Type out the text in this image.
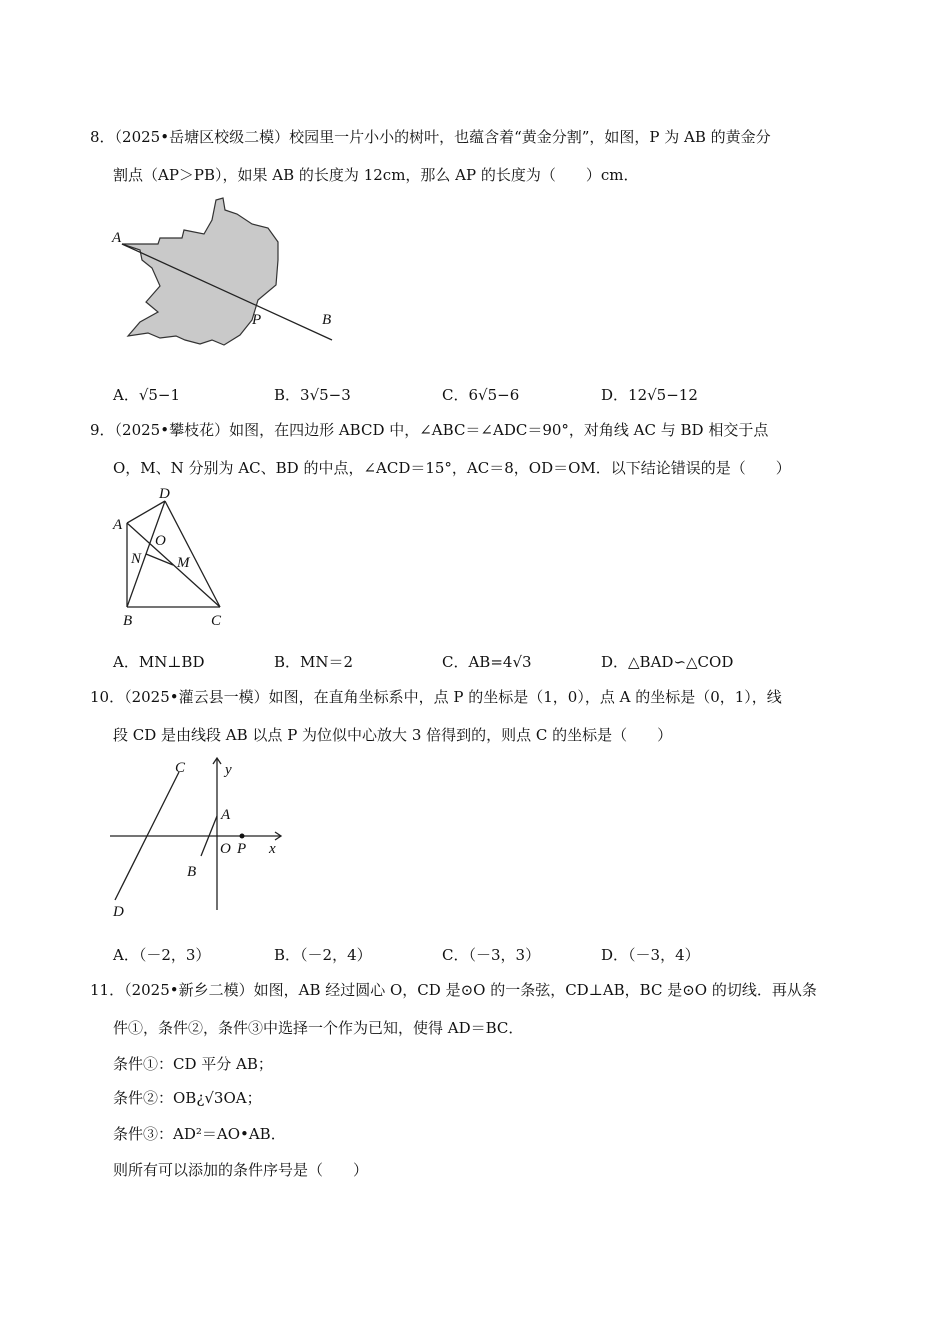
8．（2025•岳塘区校级二模）校园里一片小小的树叶，也蕴含着“黄金分割”，如图，P 为 AB 的黄金分
割点（AP＞PB），如果 AB 的长度为 12cm，那么 AP 的长度为（　　）cm．
A
P	B
A．√5−1	B．3√5−3	C．6√5−6	D．12√5−12
9．（2025•攀枝花）如图，在四边形 ABCD 中，∠ABC＝∠ADC＝90°，对角线 AC 与 BD 相交于点
O，M、N 分别为 AC、BD 的中点，∠ACD＝15°，AC＝8，OD＝OM．以下结论错误的是（　　）
D
A
O
N M
B	C
A．MN⊥BD	B．MN＝2	C．AB=4√3	D．△BAD∽△COD
10．（2025•灌云县一模）如图，在直角坐标系中，点 P 的坐标是（1，0），点 A 的坐标是（0，1），线
段 CD 是由线段 AB 以点 P 为位似中心放大 3 倍得到的，则点 C 的坐标是（　　）
C	y
A
O P x
B
D
A．（－2，3）	B．（－2，4）	C．（－3，3）	D．（－3，4）
11．（2025•新乡二模）如图，AB 经过圆心 O，CD 是⊙O 的一条弦，CD⊥AB，BC 是⊙O 的切线．再从条
件①，条件②，条件③中选择一个作为已知，使得 AD＝BC．
条件①：CD 平分 AB；
条件②：OB¿√3OA；
条件③：AD²＝AO•AB．
则所有可以添加的条件序号是（　　）
